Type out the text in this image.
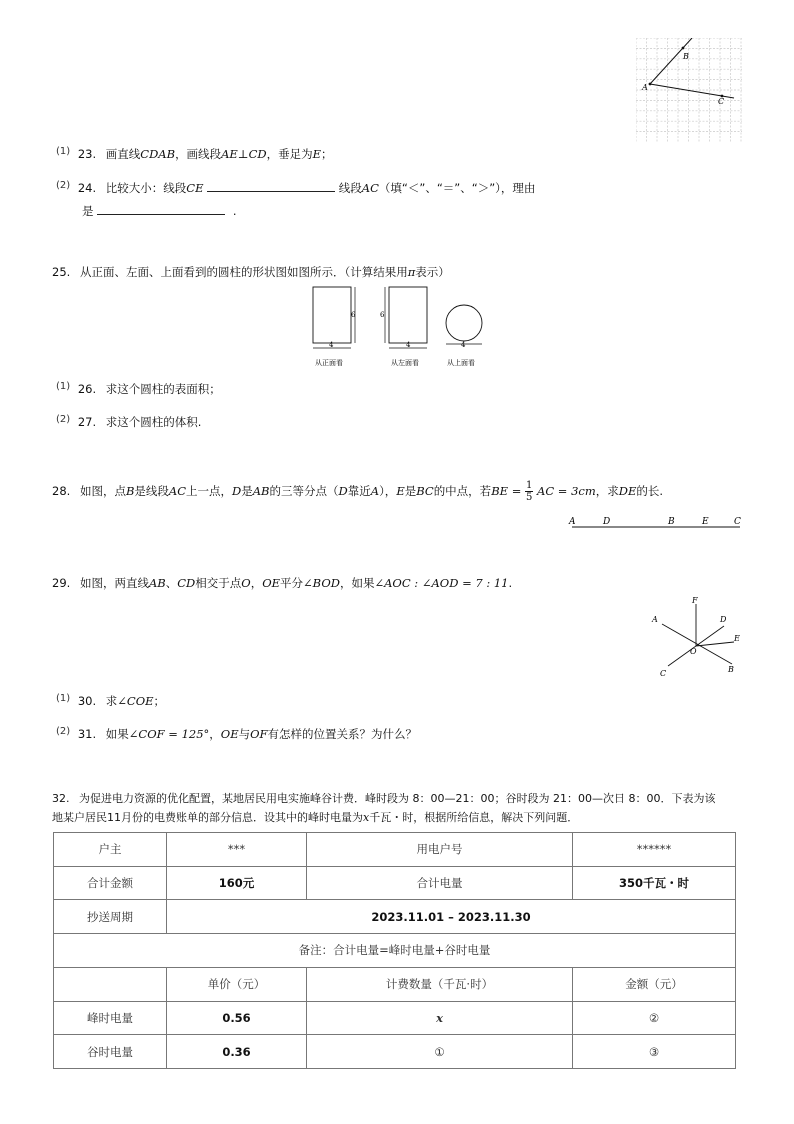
B
A
C
(1) 23. 画直线CDAB，画线段AE⊥CD，垂足为E；
(2) 24. 比较大小：线段CE	线段AC（填“＜”、“＝”、“＞”），理由
是	.
25. 从正面、左面、上面看到的圆柱的形状图如图所示．（计算结果用π表示）
6
4
从正面看
6
4
从左面看
4
从上面看
(1) 26. 求这个圆柱的表面积；
(2) 27. 求这个圆柱的体积.
28. 如图，点B是线段AC上一点，D是AB的三等分点（D靠近A），E是BC的中点，若BE = $\frac{1}{5}$ AC = 3cm，求DE的长.
A	D	B	E	C
29. 如图，两直线AB、CD相交于点O，OE平分∠BOD，如果∠AOC : ∠AOD = 7 : 11.
F
A	D
E
O
C	B
(1) 30. 求∠COE；
(2) 31. 如果∠COF = 125°，OE与OF有怎样的位置关系？为什么？
32. 为促进电力资源的优化配置，某地居民用电实施峰谷计费．峰时段为 8：00—21：00；谷时段为 21：00—次日 8：00．下表为该
地某户居民11月份的电费账单的部分信息．设其中的峰时电量为x千瓦・时，根据所给信息，解决下列问题．
户主	***	用电户号	******
合计金额	160元	合计电量	350千瓦・时
抄送周期	2023.11.01 – 2023.11.30		
备注：合计电量=峰时电量+谷时电量			
	单价（元）	计费数量（千瓦·时）	金额（元）
峰时电量	0.56	x	②
谷时电量	0.36	①	③
